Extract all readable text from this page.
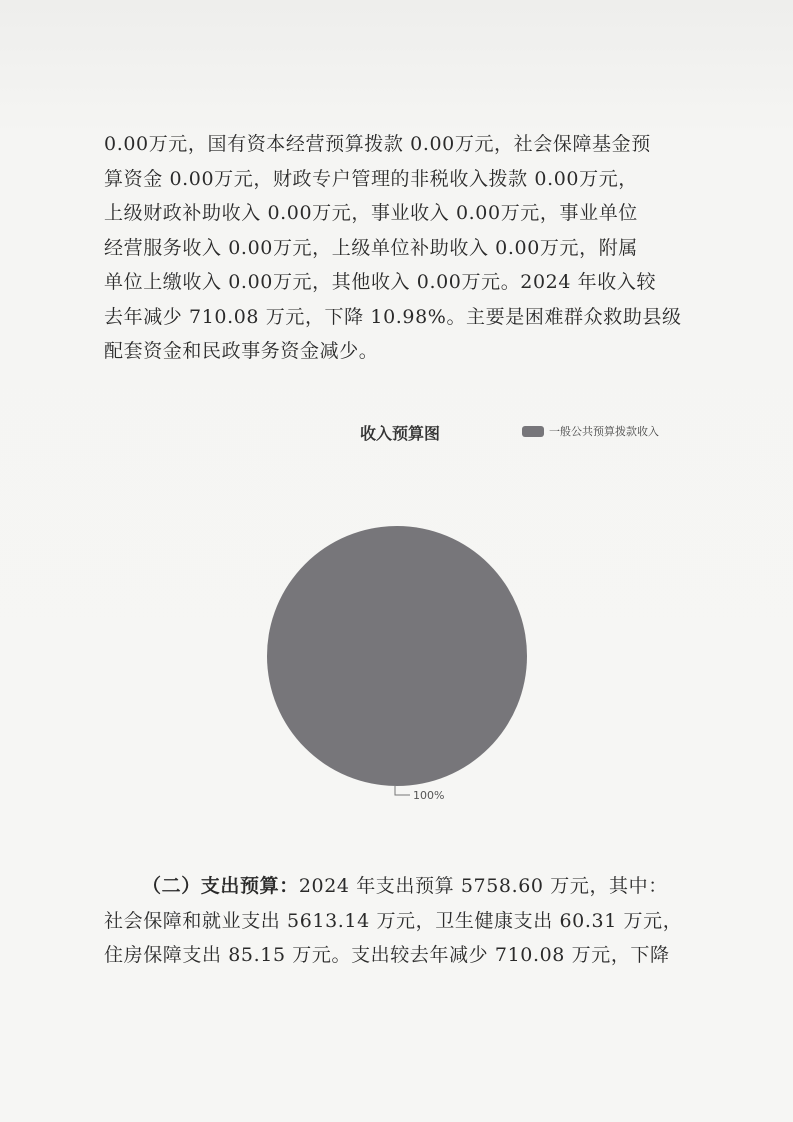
0.00万元，国有资本经营预算拨款 0.00万元，社会保障基金预
算资金 0.00万元，财政专户管理的非税收入拨款 0.00万元，
上级财政补助收入 0.00万元，事业收入 0.00万元，事业单位
经营服务收入 0.00万元，上级单位补助收入 0.00万元，附属
单位上缴收入 0.00万元，其他收入 0.00万元。2024 年收入较
去年减少 710.08 万元，下降 10.98%。主要是困难群众救助县级
配套资金和民政事务资金减少。

收入预算图	一般公共预算拨款收入
100%

（二）支出预算：2024 年支出预算 5758.60 万元，其中：
社会保障和就业支出 5613.14 万元，卫生健康支出 60.31 万元，
住房保障支出 85.15 万元。支出较去年减少 710.08 万元，下降
